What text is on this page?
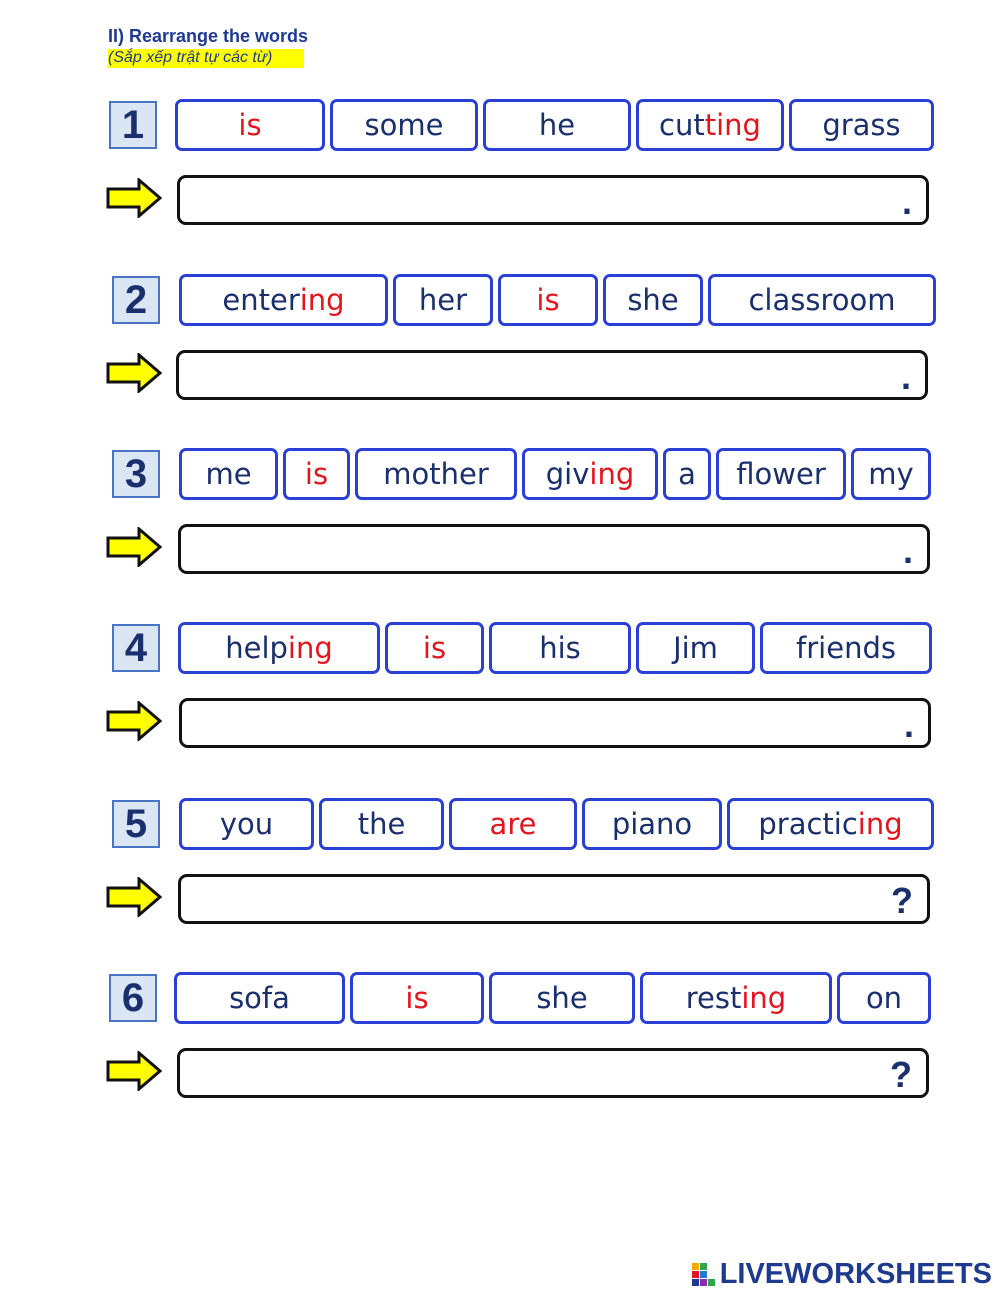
II) Rearrange the words
(Sắp xếp trật tự các từ)
1	is	some	he	cut ting	grass
.
2	enter ing	her	is	she	classroom
.
3	me	is	mother	giv ing	a	flower	my
.
4	help ing	is	his	Jim	friends
.
5	you	the	are	piano	practic ing
?
6	sofa	is	she	rest ing	on
?
LIVEWORKSHEETS
